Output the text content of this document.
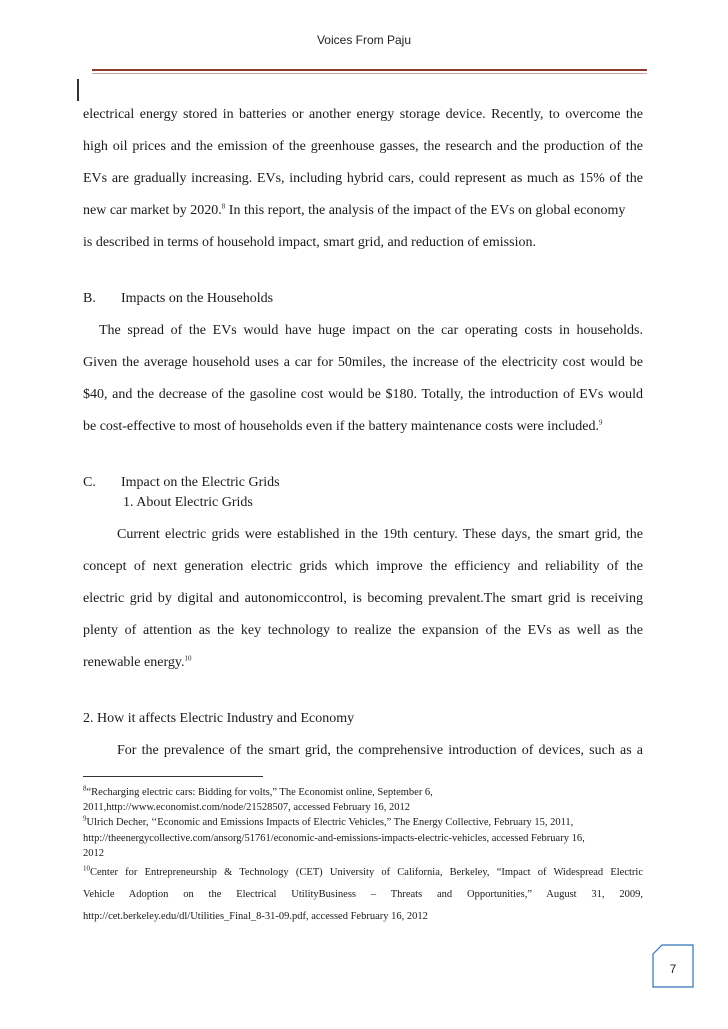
Voices From Paju
electrical energy stored in batteries or another energy storage device. Recently, to overcome the
high oil prices and the emission of the greenhouse gasses, the research and the production of the
EVs are gradually increasing. EVs, including hybrid cars, could represent as much as 15% of the
new car market by 2020.$^8$ In this report, the analysis of the impact of the EVs on global economy
is described in terms of household impact, smart grid, and reduction of emission.
B. Impacts on the Households
The spread of the EVs would have huge impact on the car operating costs in households.
Given the average household uses a car for 50miles, the increase of the electricity cost would be
$40, and the decrease of the gasoline cost would be $180. Totally, the introduction of EVs would
be cost-effective to most of households even if the battery maintenance costs were included.$^9$
C. Impact on the Electric Grids
1. About Electric Grids
Current electric grids were established in the 19th century. These days, the smart grid, the
concept of next generation electric grids which improve the efficiency and reliability of the
electric grid by digital and autonomiccontrol, is becoming prevalent.The smart grid is receiving
plenty of attention as the key technology to realize the expansion of the EVs as well as the
renewable energy.$^{10}$
2. How it affects Electric Industry and Economy
For the prevalence of the smart grid, the comprehensive introduction of devices, such as a
$^8$“Recharging electric cars: Bidding for volts,” The Economist online, September 6,
2011,http://www.economist.com/node/21528507, accessed February 16, 2012
$^9$Ulrich Decher, ‘‘Economic and Emissions Impacts of Electric Vehicles,” The Energy Collective, February 15, 2011,
http://theenergycollective.com/ansorg/51761/economic-and-emissions-impacts-electric-vehicles, accessed February 16,
2012
$^{10}$Center for Entrepreneurship & Technology (CET) University of California, Berkeley, “Impact of Widespread Electric
Vehicle Adoption on the Electrical UtilityBusiness – Threats and Opportunities,” August 31, 2009,
http://cet.berkeley.edu/dl/Utilities_Final_8-31-09.pdf, accessed February 16, 2012
7
